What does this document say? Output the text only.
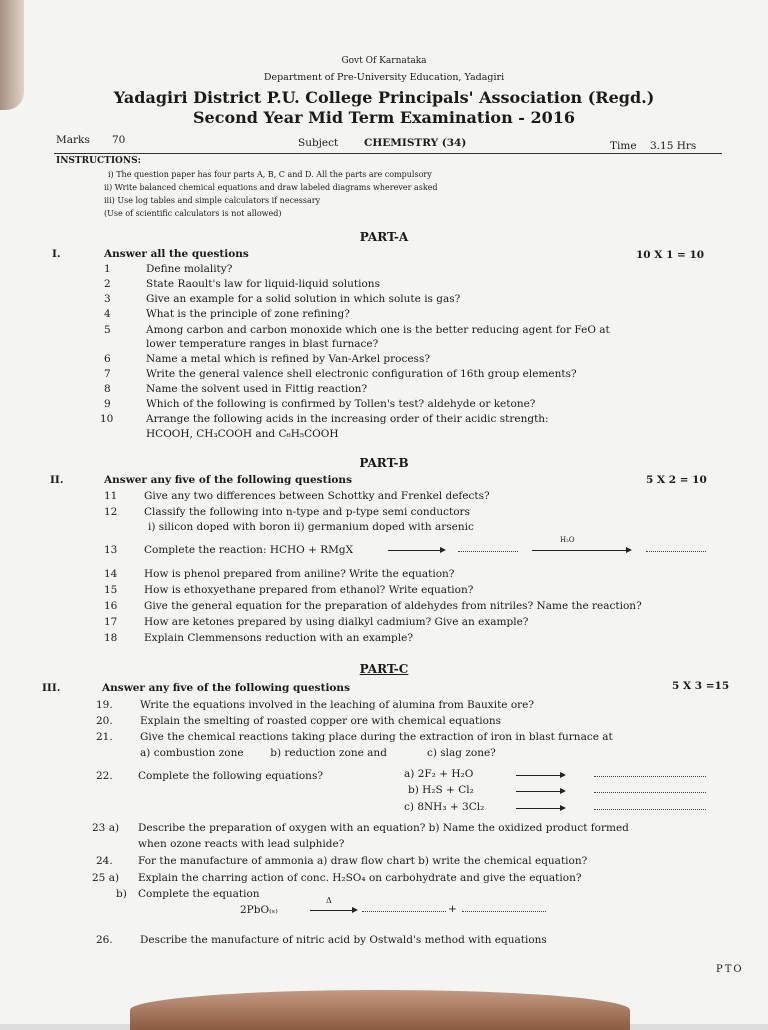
Govt Of Karnataka
Department of Pre-University Education, Yadagiri
Yadagiri District P.U. College Principals' Association (Regd.)
Second Year Mid Term Examination - 2016
Marks 70	Subject CHEMISTRY (34)	Time 3.15 Hrs
INSTRUCTIONS:
i) The question paper has four parts A, B, C and D. All the parts are compulsory
ii) Write balanced chemical equations and draw labeled diagrams wherever asked
iii) Use log tables and simple calculators if necessary
(Use of scientific calculators is not allowed)
PART-A
I.	Answer all the questions	10 X 1 = 10
1	Define molality?
2	State Raoult's law for liquid-liquid solutions
3	Give an example for a solid solution in which solute is gas?
4	What is the principle of zone refining?
5	Among carbon and carbon monoxide which one is the better reducing agent for FeO at
lower temperature ranges in blast furnace?
6	Name a metal which is refined by Van-Arkel process?
7	Write the general valence shell electronic configuration of 16th group elements?
8	Name the solvent used in Fittig reaction?
9	Which of the following is confirmed by Tollen's test? aldehyde or ketone?
10	Arrange the following acids in the increasing order of their acidic strength:
HCOOH, CH₃COOH and C₆H₅COOH
PART-B
II.	Answer any five of the following questions	5 X 2 = 10
11	Give any two differences between Schottky and Frenkel defects?
12	Classify the following into n-type and p-type semi conductors
i) silicon doped with boron ii) germanium doped with arsenic
13	Complete the reaction: HCHO + RMgX
H₂O
14	How is phenol prepared from aniline? Write the equation?
15	How is ethoxyethane prepared from ethanol? Write equation?
16	Give the general equation for the preparation of aldehydes from nitriles? Name the reaction?
17	How are ketones prepared by using dialkyl cadmium? Give an example?
18	Explain Clemmensons reduction with an example?
PART-C
III.	Answer any five of the following questions	5 X 3 =15
19.	Write the equations involved in the leaching of alumina from Bauxite ore?
20.	Explain the smelting of roasted copper ore with chemical equations
21.	Give the chemical reactions taking place during the extraction of iron in blast furnace at
a) combustion zone        b) reduction zone and            c) slag zone?
22. Complete the following equations?	a) 2F₂ + H₂O
b) H₂S + Cl₂
c) 8NH₃ + 3Cl₂
23 a) Describe the preparation of oxygen with an equation? b) Name the oxidized product formed
when ozone reacts with lead sulphide?
24. For the manufacture of ammonia a) draw flow chart b) write the chemical equation?
25 a) Explain the charring action of conc. H₂SO₄ on carbohydrate and give the equation?
b) Complete the equation
2PbO₍ₛ₎
Δ
+
26.	Describe the manufacture of nitric acid by Ostwald's method with equations
PTO
